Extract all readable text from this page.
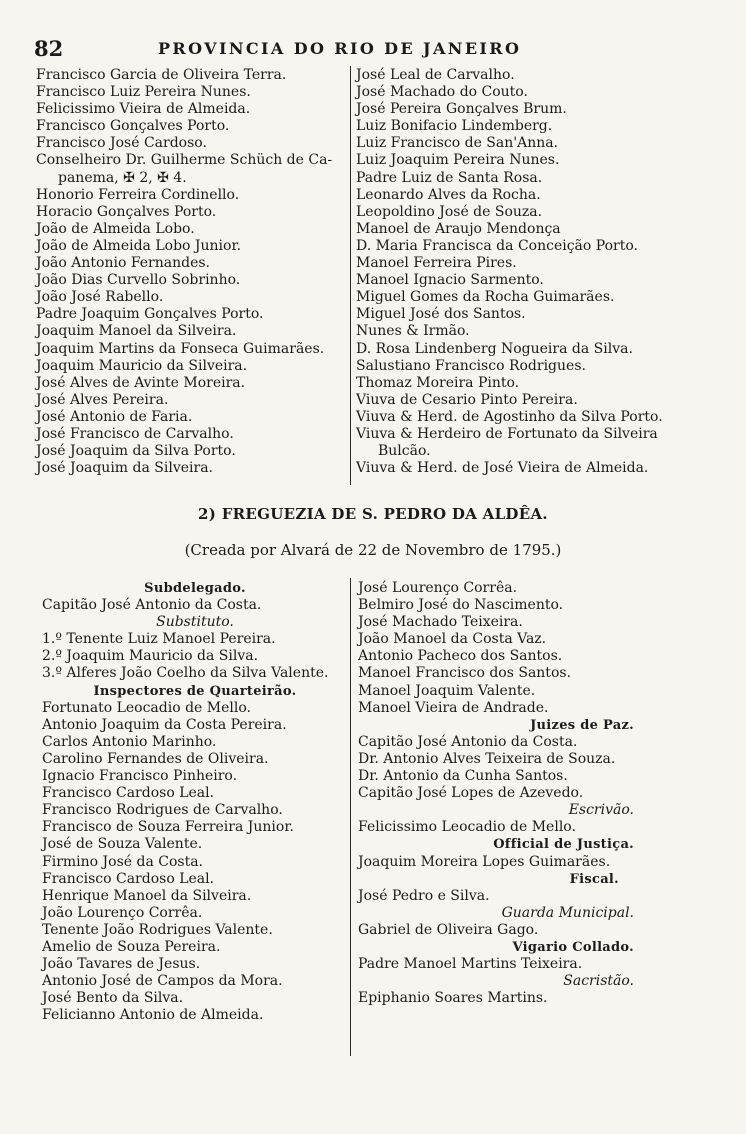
82	PROVINCIA DO RIO DE JANEIRO
Francisco Garcia de Oliveira Terra.
Francisco Luiz Pereira Nunes.
Felicissimo Vieira de Almeida.
Francisco Gonçalves Porto.
Francisco José Cardoso.
Conselheiro Dr. Guilherme Schüch de Ca-
panema, ✠ 2, ✠ 4.
Honorio Ferreira Cordinello.
Horacio Gonçalves Porto.
João de Almeida Lobo.
João de Almeida Lobo Junior.
João Antonio Fernandes.
João Dias Curvello Sobrinho.
João José Rabello.
Padre Joaquim Gonçalves Porto.
Joaquim Manoel da Silveira.
Joaquim Martins da Fonseca Guimarães.
Joaquim Mauricio da Silveira.
José Alves de Avinte Moreira.
José Alves Pereira.
José Antonio de Faria.
José Francisco de Carvalho.
José Joaquim da Silva Porto.
José Joaquim da Silveira.
José Leal de Carvalho.
José Machado do Couto.
José Pereira Gonçalves Brum.
Luiz Bonifacio Lindemberg.
Luiz Francisco de San'Anna.
Luiz Joaquim Pereira Nunes.
Padre Luiz de Santa Rosa.
Leonardo Alves da Rocha.
Leopoldino José de Souza.
Manoel de Araujo Mendonça
D. Maria Francisca da Conceição Porto.
Manoel Ferreira Pires.
Manoel Ignacio Sarmento.
Miguel Gomes da Rocha Guimarães.
Miguel José dos Santos.
Nunes & Irmão.
D. Rosa Lindenberg Nogueira da Silva.
Salustiano Francisco Rodrigues.
Thomaz Moreira Pinto.
Viuva de Cesario Pinto Pereira.
Viuva & Herd. de Agostinho da Silva Porto.
Viuva & Herdeiro de Fortunato da Silveira
Bulcão.
Viuva & Herd. de José Vieira de Almeida.
2) FREGUEZIA DE S. PEDRO DA ALDÊA.
(Creada por Alvará de 22 de Novembro de 1795.)
Subdelegado.
Capitão José Antonio da Costa.
Substituto.
1.º Tenente Luiz Manoel Pereira.
2.º Joaquim Mauricio da Silva.
3.º Alferes João Coelho da Silva Valente.
Inspectores de Quarteirão.
Fortunato Leocadio de Mello.
Antonio Joaquim da Costa Pereira.
Carlos Antonio Marinho.
Carolino Fernandes de Oliveira.
Ignacio Francisco Pinheiro.
Francisco Cardoso Leal.
Francisco Rodrigues de Carvalho.
Francisco de Souza Ferreira Junior.
José de Souza Valente.
Firmino José da Costa.
Francisco Cardoso Leal.
Henrique Manoel da Silveira.
João Lourenço Corrêa.
Tenente João Rodrigues Valente.
Amelio de Souza Pereira.
João Tavares de Jesus.
Antonio José de Campos da Mora.
José Bento da Silva.
Felicianno Antonio de Almeida.
José Lourenço Corrêa.
Belmiro José do Nascimento.
José Machado Teixeira.
João Manoel da Costa Vaz.
Antonio Pacheco dos Santos.
Manoel Francisco dos Santos.
Manoel Joaquim Valente.
Manoel Vieira de Andrade.
Juizes de Paz.
Capitão José Antonio da Costa.
Dr. Antonio Alves Teixeira de Souza.
Dr. Antonio da Cunha Santos.
Capitão José Lopes de Azevedo.
Escrivão.
Felicissimo Leocadio de Mello.
Official de Justiça.
Joaquim Moreira Lopes Guimarães.
Fiscal.
José Pedro e Silva.
Guarda Municipal.
Gabriel de Oliveira Gago.
Vigario Collado.
Padre Manoel Martins Teixeira.
Sacristão.
Epiphanio Soares Martins.
